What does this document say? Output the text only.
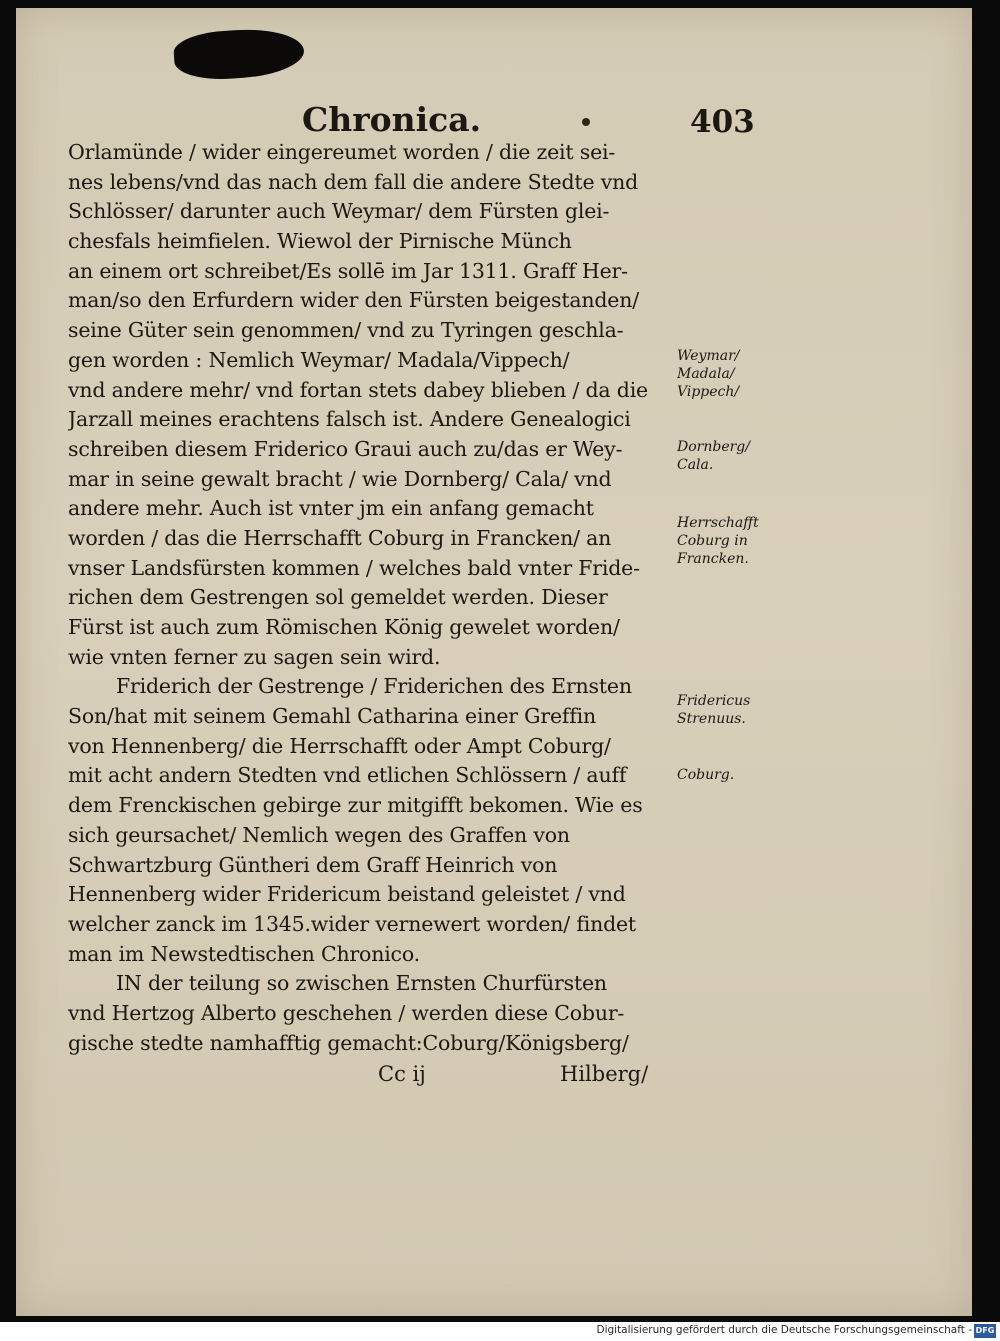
Chronica.	403
Orlamünde / wider eingereumet worden / die zeit sei-
nes lebens/vnd das nach dem fall die andere Stedte vnd
Schlösser/ darunter auch Weymar/ dem Fürsten glei-
chesfals heimfielen. Wiewol der Pirnische Münch
an einem ort schreibet/Es sollē im Jar 1311. Graff Her-
man/so den Erfurdern wider den Fürsten beigestanden/
seine Güter sein genommen/ vnd zu Tyringen geschla-
gen worden : Nemlich Weymar/ Madala/Vippech/
vnd andere mehr/ vnd fortan stets dabey blieben / da die
Jarzall meines erachtens falsch ist. Andere Genealogici
schreiben diesem Friderico Graui auch zu/das er Wey-
mar in seine gewalt bracht / wie Dornberg/ Cala/ vnd
andere mehr. Auch ist vnter jm ein anfang gemacht
worden / das die Herrschafft Coburg in Francken/ an
vnser Landsfürsten kommen / welches bald vnter Fride-
richen dem Gestrengen sol gemeldet werden. Dieser
Fürst ist auch zum Römischen König gewelet worden/
wie vnten ferner zu sagen sein wird.
Friderich der Gestrenge / Friderichen des Ernsten
Son/hat mit seinem Gemahl Catharina einer Greffin
von Hennenberg/ die Herrschafft oder Ampt Coburg/
mit acht andern Stedten vnd etlichen Schlössern / auff
dem Frenckischen gebirge zur mitgifft bekomen. Wie es
sich geursachet/ Nemlich wegen des Graffen von
Schwartzburg Güntheri dem Graff Heinrich von
Hennenberg wider Fridericum beistand geleistet / vnd
welcher zanck im 1345.wider vernewert worden/ findet
man im Newstedtischen Chronico.
IN der teilung so zwischen Ernsten Churfürsten
vnd Hertzog Alberto geschehen / werden diese Cobur-
gische stedte namhafftig gemacht:Coburg/Königsberg/
Cc ij	Hilberg/
Weymar/
Madala/
Vippech/
Dornberg/
Cala.
Herrschafft
Coburg in
Francken.
Fridericus
Strenuus.
Coburg.
Digitalisierung gefördert durch die Deutsche Forschungsgemeinschaft - DFG
